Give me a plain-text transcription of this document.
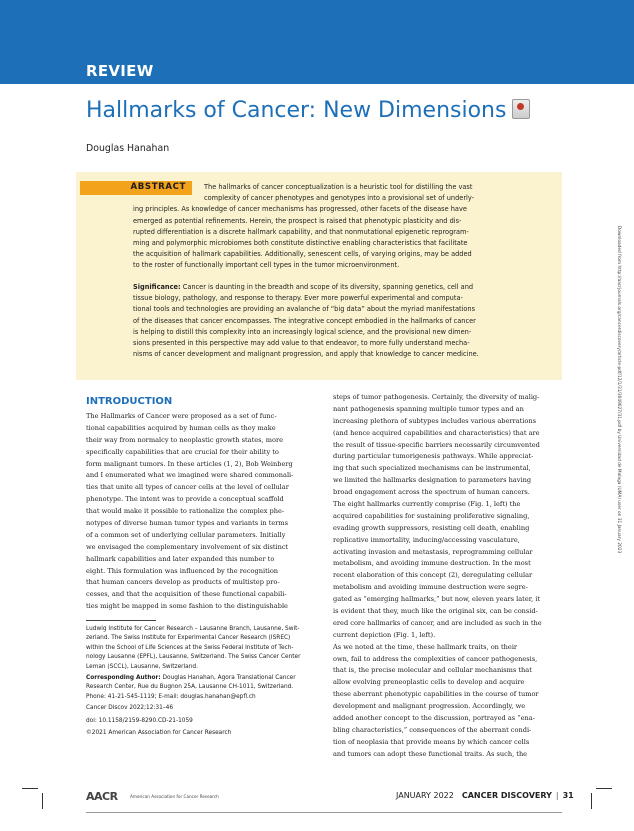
REVIEW
Hallmarks of Cancer: New Dimensions
Douglas Hanahan
ABSTRACT	The hallmarks of cancer conceptualization is a heuristic tool for distilling the vast
complexity of cancer phenotypes and genotypes into a provisional set of underly-
ing principles. As knowledge of cancer mechanisms has progressed, other facets of the disease have
emerged as potential refinements. Herein, the prospect is raised that phenotypic plasticity and dis-
rupted differentiation is a discrete hallmark capability, and that nonmutational epigenetic reprogram-
ming and polymorphic microbiomes both constitute distinctive enabling characteristics that facilitate
the acquisition of hallmark capabilities. Additionally, senescent cells, of varying origins, may be added
to the roster of functionally important cell types in the tumor microenvironment.
Significance: Cancer is daunting in the breadth and scope of its diversity, spanning genetics, cell and
tissue biology, pathology, and response to therapy. Ever more powerful experimental and computa-
tional tools and technologies are providing an avalanche of “big data” about the myriad manifestations
of the diseases that cancer encompasses. The integrative concept embodied in the hallmarks of cancer
is helping to distill this complexity into an increasingly logical science, and the provisional new dimen-
sions presented in this perspective may add value to that endeavor, to more fully understand mecha-
nisms of cancer development and malignant progression, and apply that knowledge to cancer medicine.
INTRODUCTION
The Hallmarks of Cancer were proposed as a set of func-
tional capabilities acquired by human cells as they make
their way from normalcy to neoplastic growth states, more
specifically capabilities that are crucial for their ability to
form malignant tumors. In these articles (1, 2), Bob Weinberg
and I enumerated what we imagined were shared commonali-
ties that unite all types of cancer cells at the level of cellular
phenotype. The intent was to provide a conceptual scaffold
that would make it possible to rationalize the complex phe-
notypes of diverse human tumor types and variants in terms
of a common set of underlying cellular parameters. Initially
we envisaged the complementary involvement of six distinct
hallmark capabilities and later expanded this number to
eight. This formulation was influenced by the recognition
that human cancers develop as products of multistep pro-
cesses, and that the acquisition of these functional capabili-
ties might be mapped in some fashion to the distinguishable
steps of tumor pathogenesis. Certainly, the diversity of malig-
nant pathogenesis spanning multiple tumor types and an
increasing plethora of subtypes includes various aberrations
(and hence acquired capabilities and characteristics) that are
the result of tissue-specific barriers necessarily circumvented
during particular tumorigenesis pathways. While appreciat-
ing that such specialized mechanisms can be instrumental,
we limited the hallmarks designation to parameters having
broad engagement across the spectrum of human cancers.
The eight hallmarks currently comprise (Fig. 1, left) the
acquired capabilities for sustaining proliferative signaling,
evading growth suppressors, resisting cell death, enabling
replicative immortality, inducing/accessing vasculature,
activating invasion and metastasis, reprogramming cellular
metabolism, and avoiding immune destruction. In the most
recent elaboration of this concept (2), deregulating cellular
metabolism and avoiding immune destruction were segre-
gated as “emerging hallmarks,” but now, eleven years later, it
is evident that they, much like the original six, can be consid-
ered core hallmarks of cancer, and are included as such in the
current depiction (Fig. 1, left).
As we noted at the time, these hallmark traits, on their
own, fail to address the complexities of cancer pathogenesis,
that is, the precise molecular and cellular mechanisms that
allow evolving preneoplastic cells to develop and acquire
these aberrant phenotypic capabilities in the course of tumor
development and malignant progression. Accordingly, we
added another concept to the discussion, portrayed as “ena-
bling characteristics,” consequences of the aberrant condi-
tion of neoplasia that provide means by which cancer cells
and tumors can adopt these functional traits. As such, the
Ludwig Institute for Cancer Research – Lausanne Branch, Lausanne, Swit-
zerland. The Swiss Institute for Experimental Cancer Research (ISREC)
within the School of Life Sciences at the Swiss Federal Institute of Tech-
nology Lausanne (EPFL), Lausanne, Switzerland. The Swiss Cancer Center
Leman (SCCL), Lausanne, Switzerland.
Corresponding Author: Douglas Hanahan, Agora Translational Cancer
Research Center, Rue du Bugnon 25A, Lausanne CH-1011, Switzerland.
Phone: 41-21-545-1119; E-mail: douglas.hanahan@epfl.ch
Cancer Discov 2022;12:31–46
doi: 10.1158/2159-8290.CD-21-1059
©2021 American Association for Cancer Research
AACR	American Association for Cancer Research	JANUARY 2022 CANCER DISCOVERY | 31
Downloaded from http://aacrjournals.org/cancerdiscovery/article-pdf/12/1/31/3049027/31.pdf by Universidad de Malaga (UMA) user on 31 January 2023
